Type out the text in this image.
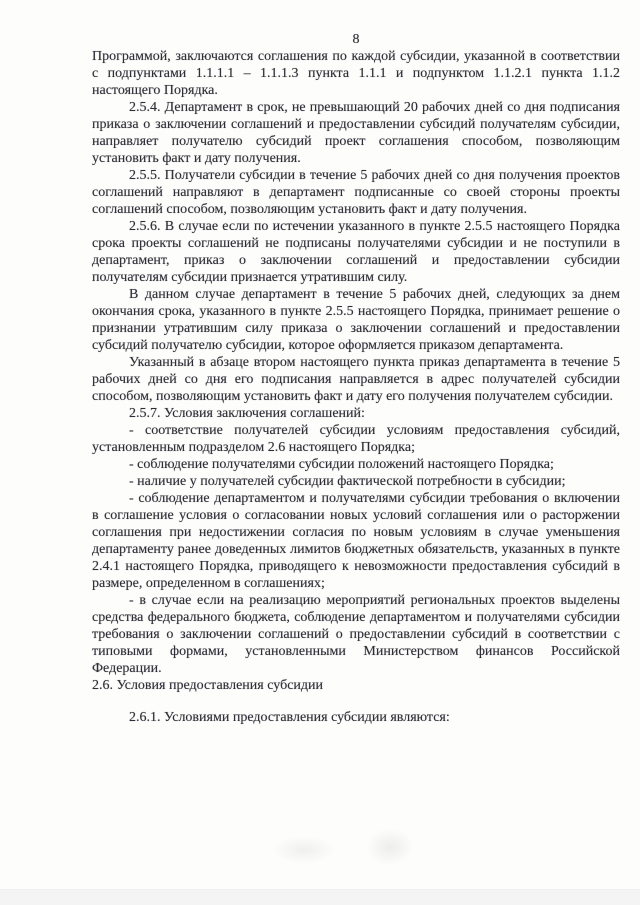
8

Программой, заключаются соглашения по каждой субсидии, указанной в соответствии с подпунктами 1.1.1.1 – 1.1.1.3 пункта 1.1.1 и подпунктом 1.1.2.1 пункта 1.1.2 настоящего Порядка.

2.5.4. Департамент в срок, не превышающий 20 рабочих дней со дня подписания приказа о заключении соглашений и предоставлении субсидий получателям субсидии, направляет получателю субсидий проект соглашения способом, позволяющим установить факт и дату получения.

2.5.5. Получатели субсидии в течение 5 рабочих дней со дня получения проектов соглашений направляют в департамент подписанные со своей стороны проекты соглашений способом, позволяющим установить факт и дату получения.

2.5.6. В случае если по истечении указанного в пункте 2.5.5 настоящего Порядка срока проекты соглашений не подписаны получателями субсидии и не поступили в департамент, приказ о заключении соглашений и предоставлении субсидии получателям субсидии признается утратившим силу.

В данном случае департамент в течение 5 рабочих дней, следующих за днем окончания срока, указанного в пункте 2.5.5 настоящего Порядка, принимает решение о признании утратившим силу приказа о заключении соглашений и предоставлении субсидий получателю субсидии, которое оформляется приказом департамента.

Указанный в абзаце втором настоящего пункта приказ департамента в течение 5 рабочих дней со дня его подписания направляется в адрес получателей субсидии способом, позволяющим установить факт и дату его получения получателем субсидии.

2.5.7. Условия заключения соглашений:

- соответствие получателей субсидии условиям предоставления субсидий, установленным подразделом 2.6 настоящего Порядка;

- соблюдение получателями субсидии положений настоящего Порядка;

- наличие у получателей субсидии фактической потребности в субсидии;

- соблюдение департаментом и получателями субсидии требования о включении в соглашение условия о согласовании новых условий соглашения или о расторжении соглашения при недостижении согласия по новым условиям в случае уменьшения департаменту ранее доведенных лимитов бюджетных обязательств, указанных в пункте 2.4.1 настоящего Порядка, приводящего к невозможности предоставления субсидий в размере, определенном в соглашениях;

- в случае если на реализацию мероприятий региональных проектов выделены средства федерального бюджета, соблюдение департаментом и получателями субсидии требования о заключении соглашений о предоставлении субсидий в соответствии с типовыми формами, установленными Министерством финансов Российской Федерации.

2.6. Условия предоставления субсидии

2.6.1. Условиями предоставления субсидии являются:
